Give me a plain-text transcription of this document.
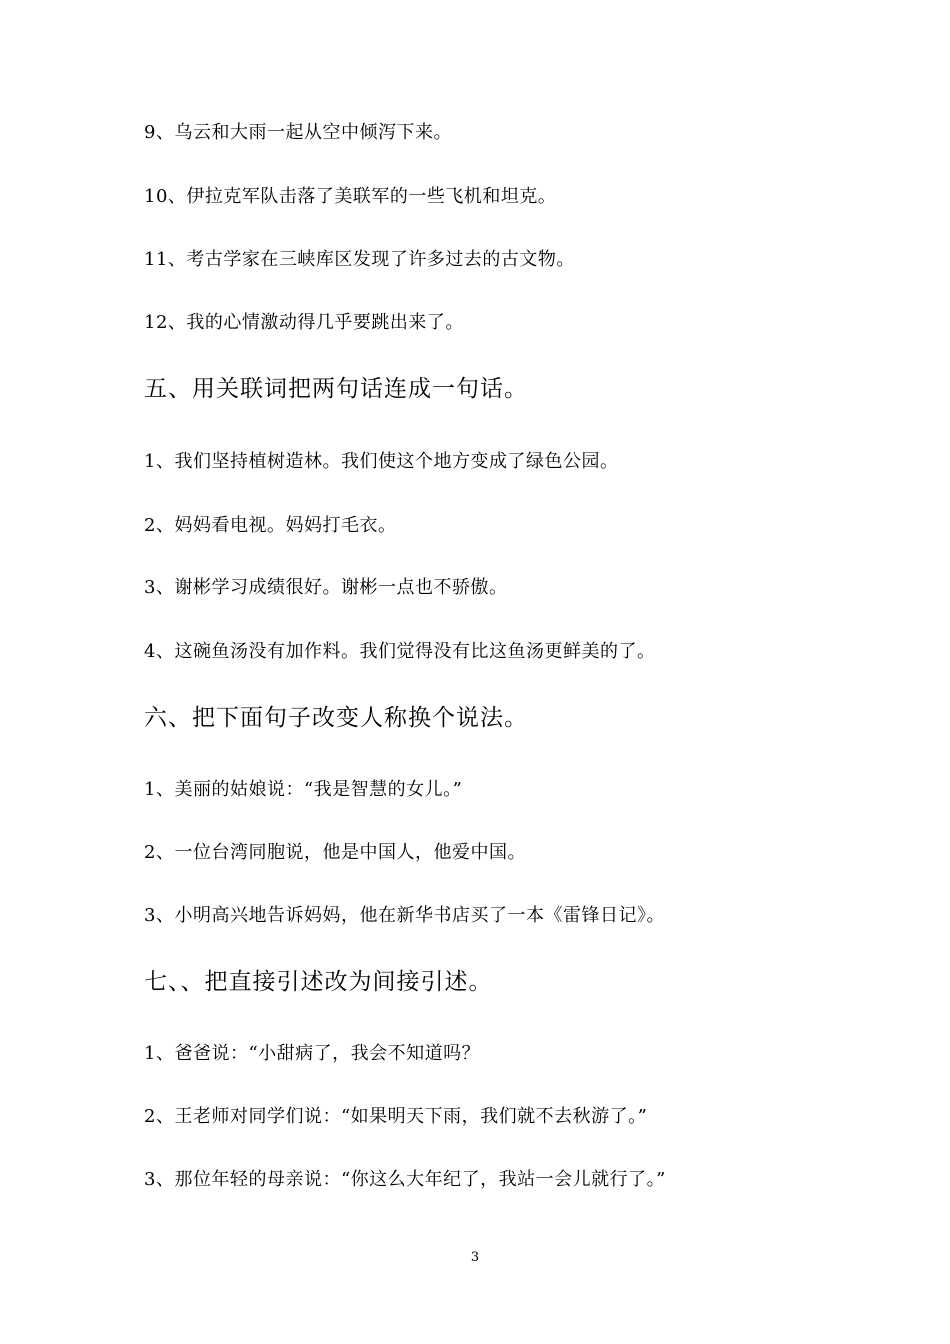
9、乌云和大雨一起从空中倾泻下来。
10、伊拉克军队击落了美联军的一些飞机和坦克。
11、考古学家在三峡库区发现了许多过去的古文物。
12、我的心情激动得几乎要跳出来了。
五、用关联词把两句话连成一句话。
1、我们坚持植树造林。我们使这个地方变成了绿色公园。
2、妈妈看电视。妈妈打毛衣。
3、谢彬学习成绩很好。谢彬一点也不骄傲。
4、这碗鱼汤没有加作料。我们觉得没有比这鱼汤更鲜美的了。
六、把下面句子改变人称换个说法。
1、美丽的姑娘说：“我是智慧的女儿。”
2、一位台湾同胞说，他是中国人，他爱中国。
3、小明高兴地告诉妈妈，他在新华书店买了一本《雷锋日记》。
七、、把直接引述改为间接引述。
1、爸爸说：“小甜病了，我会不知道吗？
2、王老师对同学们说：“如果明天下雨，我们就不去秋游了。”
3、那位年轻的母亲说：“你这么大年纪了，我站一会儿就行了。”
3
